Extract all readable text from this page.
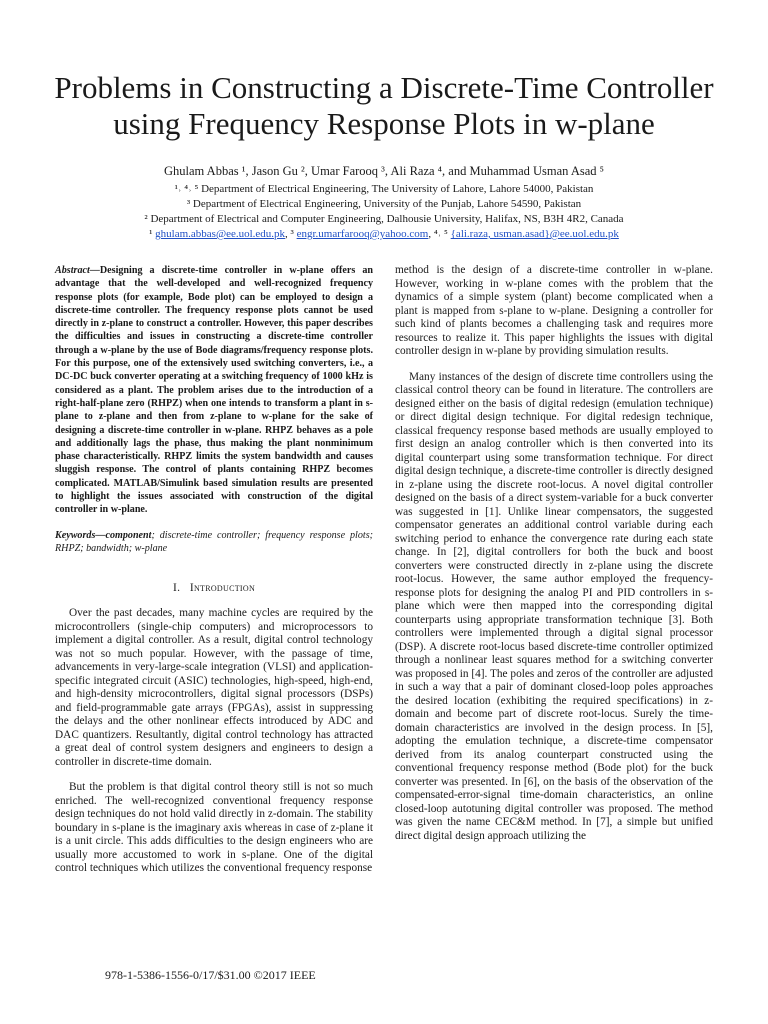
Problems in Constructing a Discrete-Time Controller
using Frequency Response Plots in w-plane
Ghulam Abbas ¹, Jason Gu ², Umar Farooq ³, Ali Raza ⁴, and Muhammad Usman Asad ⁵
¹˒ ⁴˒ ⁵ Department of Electrical Engineering, The University of Lahore, Lahore 54000, Pakistan
³ Department of Electrical Engineering, University of the Punjab, Lahore 54590, Pakistan
² Department of Electrical and Computer Engineering, Dalhousie University, Halifax, NS, B3H 4R2, Canada
¹ ghulam.abbas@ee.uol.edu.pk, ³ engr.umarfarooq@yahoo.com, ⁴˒ ⁵ {ali.raza, usman.asad}@ee.uol.edu.pk

Abstract—Designing a discrete-time controller in w-plane offers an advantage that the well-developed and well-recognized frequency response plots (for example, Bode plot) can be employed to design a discrete-time controller. The frequency response plots cannot be used directly in z-plane to construct a controller. However, this paper describes the difficulties and issues in constructing a discrete-time controller through a w-plane by the use of Bode diagrams/frequency response plots. For this purpose, one of the extensively used switching converters, i.e., a DC-DC buck converter operating at a switching frequency of 1000 kHz is considered as a plant. The problem arises due to the introduction of a right-half-plane zero (RHPZ) when one intends to transform a plant in s-plane to z-plane and then from z-plane to w-plane for the sake of designing a discrete-time controller in w-plane. RHPZ behaves as a pole and additionally lags the phase, thus making the plant nonminimum phase characteristically. RHPZ limits the system bandwidth and causes sluggish response. The control of plants containing RHPZ becomes complicated. MATLAB/Simulink based simulation results are presented to highlight the issues associated with construction of the digital controller in w-plane.

Keywords—component; discrete-time controller; frequency response plots; RHPZ; bandwidth; w-plane

I. Introduction

Over the past decades, many machine cycles are required by the microcontrollers (single-chip computers) and microprocessors to implement a digital controller. As a result, digital control technology was not so much popular. However, with the passage of time, advancements in very-large-scale integration (VLSI) and application-specific integrated circuit (ASIC) technologies, high-speed, high-end, and high-density microcontrollers, digital signal processors (DSPs) and field-programmable gate arrays (FPGAs), assist in suppressing the delays and the other nonlinear effects introduced by ADC and DAC quantizers. Resultantly, digital control technology has attracted a great deal of control system designers and engineers to design a controller in discrete-time domain.

But the problem is that digital control theory still is not so much enriched. The well-recognized conventional frequency response design techniques do not hold valid directly in z-domain. The stability boundary in s-plane is the imaginary axis whereas in case of z-plane it is a unit circle. This adds difficulties to the design engineers who are usually more accustomed to work in s-plane. One of the digital control techniques which utilizes the conventional frequency response

method is the design of a discrete-time controller in w-plane. However, working in w-plane comes with the problem that the dynamics of a simple system (plant) become complicated when a plant is mapped from s-plane to w-plane. Designing a controller for such kind of plants becomes a challenging task and requires more resources to realize it. This paper highlights the issues with digital controller design in w-plane by providing simulation results.

Many instances of the design of discrete time controllers using the classical control theory can be found in literature. The controllers are designed either on the basis of digital redesign (emulation technique) or direct digital design technique. For digital redesign technique, classical frequency response based methods are usually employed to first design an analog controller which is then converted into its digital counterpart using some transformation technique. For direct digital design technique, a discrete-time controller is directly designed in z-plane using the discrete root-locus. A novel digital controller designed on the basis of a direct system-variable for a buck converter was suggested in [1]. Unlike linear compensators, the suggested compensator generates an additional control variable during each switching period to enhance the convergence rate during each state change. In [2], digital controllers for both the buck and boost converters were constructed directly in z-plane using the discrete root-locus. However, the same author employed the frequency-response plots for designing the analog PI and PID controllers in s-plane which were then mapped into the corresponding digital counterparts using appropriate transformation technique [3]. Both controllers were implemented through a digital signal processor (DSP). A discrete root-locus based discrete-time controller optimized through a nonlinear least squares method for a switching converter was proposed in [4]. The poles and zeros of the controller are adjusted in such a way that a pair of dominant closed-loop poles approaches the desired location (exhibiting the required specifications) in z-domain and become part of discrete root-locus. Surely the time-domain characteristics are involved in the design process. In [5], adopting the emulation technique, a discrete-time compensator derived from its analog counterpart constructed using the conventional frequency response method (Bode plot) for the buck converter was presented. In [6], on the basis of the observation of the compensated-error-signal time-domain characteristics, an online closed-loop autotuning digital controller was proposed. The method was given the name CEC&M method. In [7], a simple but unified direct digital design approach utilizing the

978-1-5386-1556-0/17/$31.00 ©2017 IEEE
